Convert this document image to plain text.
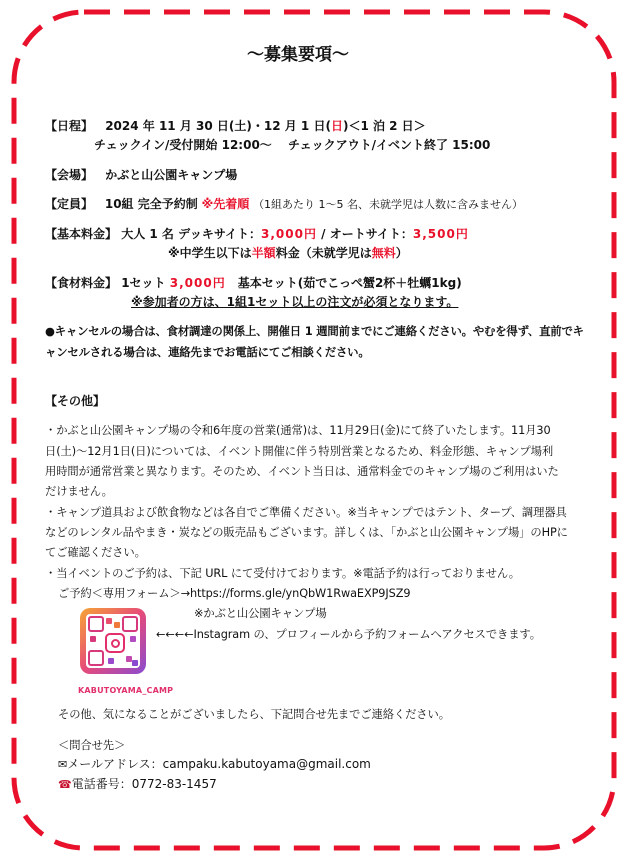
～募集要項～
【日程】 2024 年 11 月 30 日(土)・12 月 1 日(日)＜1 泊 2 日＞
チェックイン/受付開始 12:00～　 チェックアウト/イベント終了 15:00
【会場】 かぶと山公園キャンプ場
【定員】 10組 完全予約制 ※先着順 （1組あたり 1～5 名、未就学児は人数に含みません）
【基本料金】 大人 1 名 デッキサイト：3,000円 / オートサイト：3,500円
※中学生以下は半額料金（未就学児は無料）
【食材料金】 1セット 3,000円　基本セット(茹でこっぺ蟹2杯＋牡蠣1kg)
※参加者の方は、1組1セット以上の注文が必須となります。
●キャンセルの場合は、食材調達の関係上、開催日 1 週間前までにご連絡ください。やむを得ず、直前でキ
ャンセルされる場合は、連絡先までお電話にてご相談ください。
【その他】
・かぶと山公園キャンプ場の令和6年度の営業(通常)は、11月29日(金)にて終了いたします。11月30
日(土)～12月1日(日)については、イベント開催に伴う特別営業となるため、料金形態、キャンプ場利
用時間が通常営業と異なります。そのため、イベント当日は、通常料金でのキャンプ場のご利用はいた
だけません。
・キャンプ道具および飲食物などは各自でご準備ください。※当キャンプではテント、タープ、調理器具
などのレンタル品やまき・炭などの販売品もございます。詳しくは、「かぶと山公園キャンプ場」のHPに
てご確認ください。
・当イベントのご予約は、下記 URL にて受付けております。※電話予約は行っておりません。
ご予約＜専用フォーム＞→https://forms.gle/ynQbW1RwaEXP9JSZ9
※かぶと山公園キャンプ場
KABUTOYAMA_CAMP
←←←←Instagram の、プロフィールから予約フォームへアクセスできます。
その他、気になることがございましたら、下記問合せ先までご連絡ください。
＜問合せ先＞
✉メールアドレス：campaku.kabutoyama@gmail.com
☎電話番号：0772-83-1457
